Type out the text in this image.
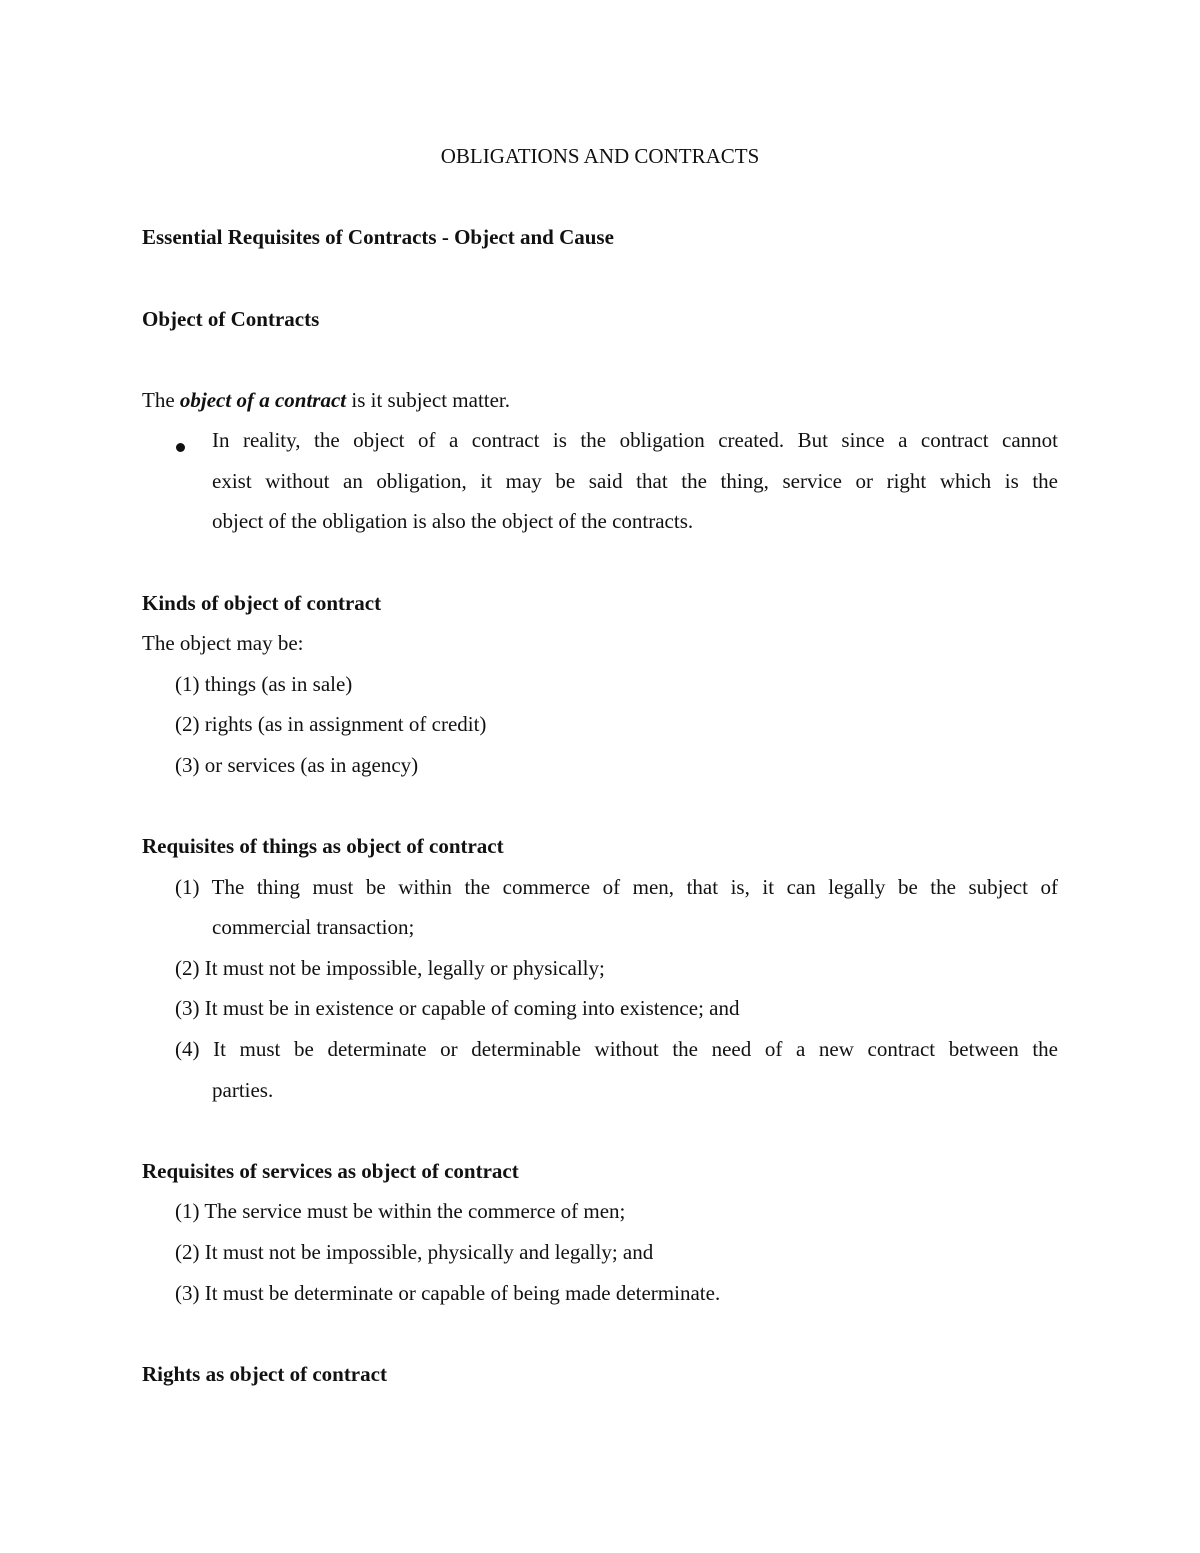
OBLIGATIONS AND CONTRACTS
Essential Requisites of Contracts - Object and Cause
Object of Contracts
The object of a contract is it subject matter.
In reality, the object of a contract is the obligation created. But since a contract cannot
exist without an obligation, it may be said that the thing, service or right which is the
object of the obligation is also the object of the contracts.
Kinds of object of contract
The object may be:
(1) things (as in sale)
(2) rights (as in assignment of credit)
(3) or services (as in agency)
Requisites of things as object of contract
(1) The thing must be within the commerce of men, that is, it can legally be the subject of
commercial transaction;
(2) It must not be impossible, legally or physically;
(3) It must be in existence or capable of coming into existence; and
(4) It must be determinate or determinable without the need of a new contract between the
parties.
Requisites of services as object of contract
(1) The service must be within the commerce of men;
(2) It must not be impossible, physically and legally; and
(3) It must be determinate or capable of being made determinate.
Rights as object of contract
